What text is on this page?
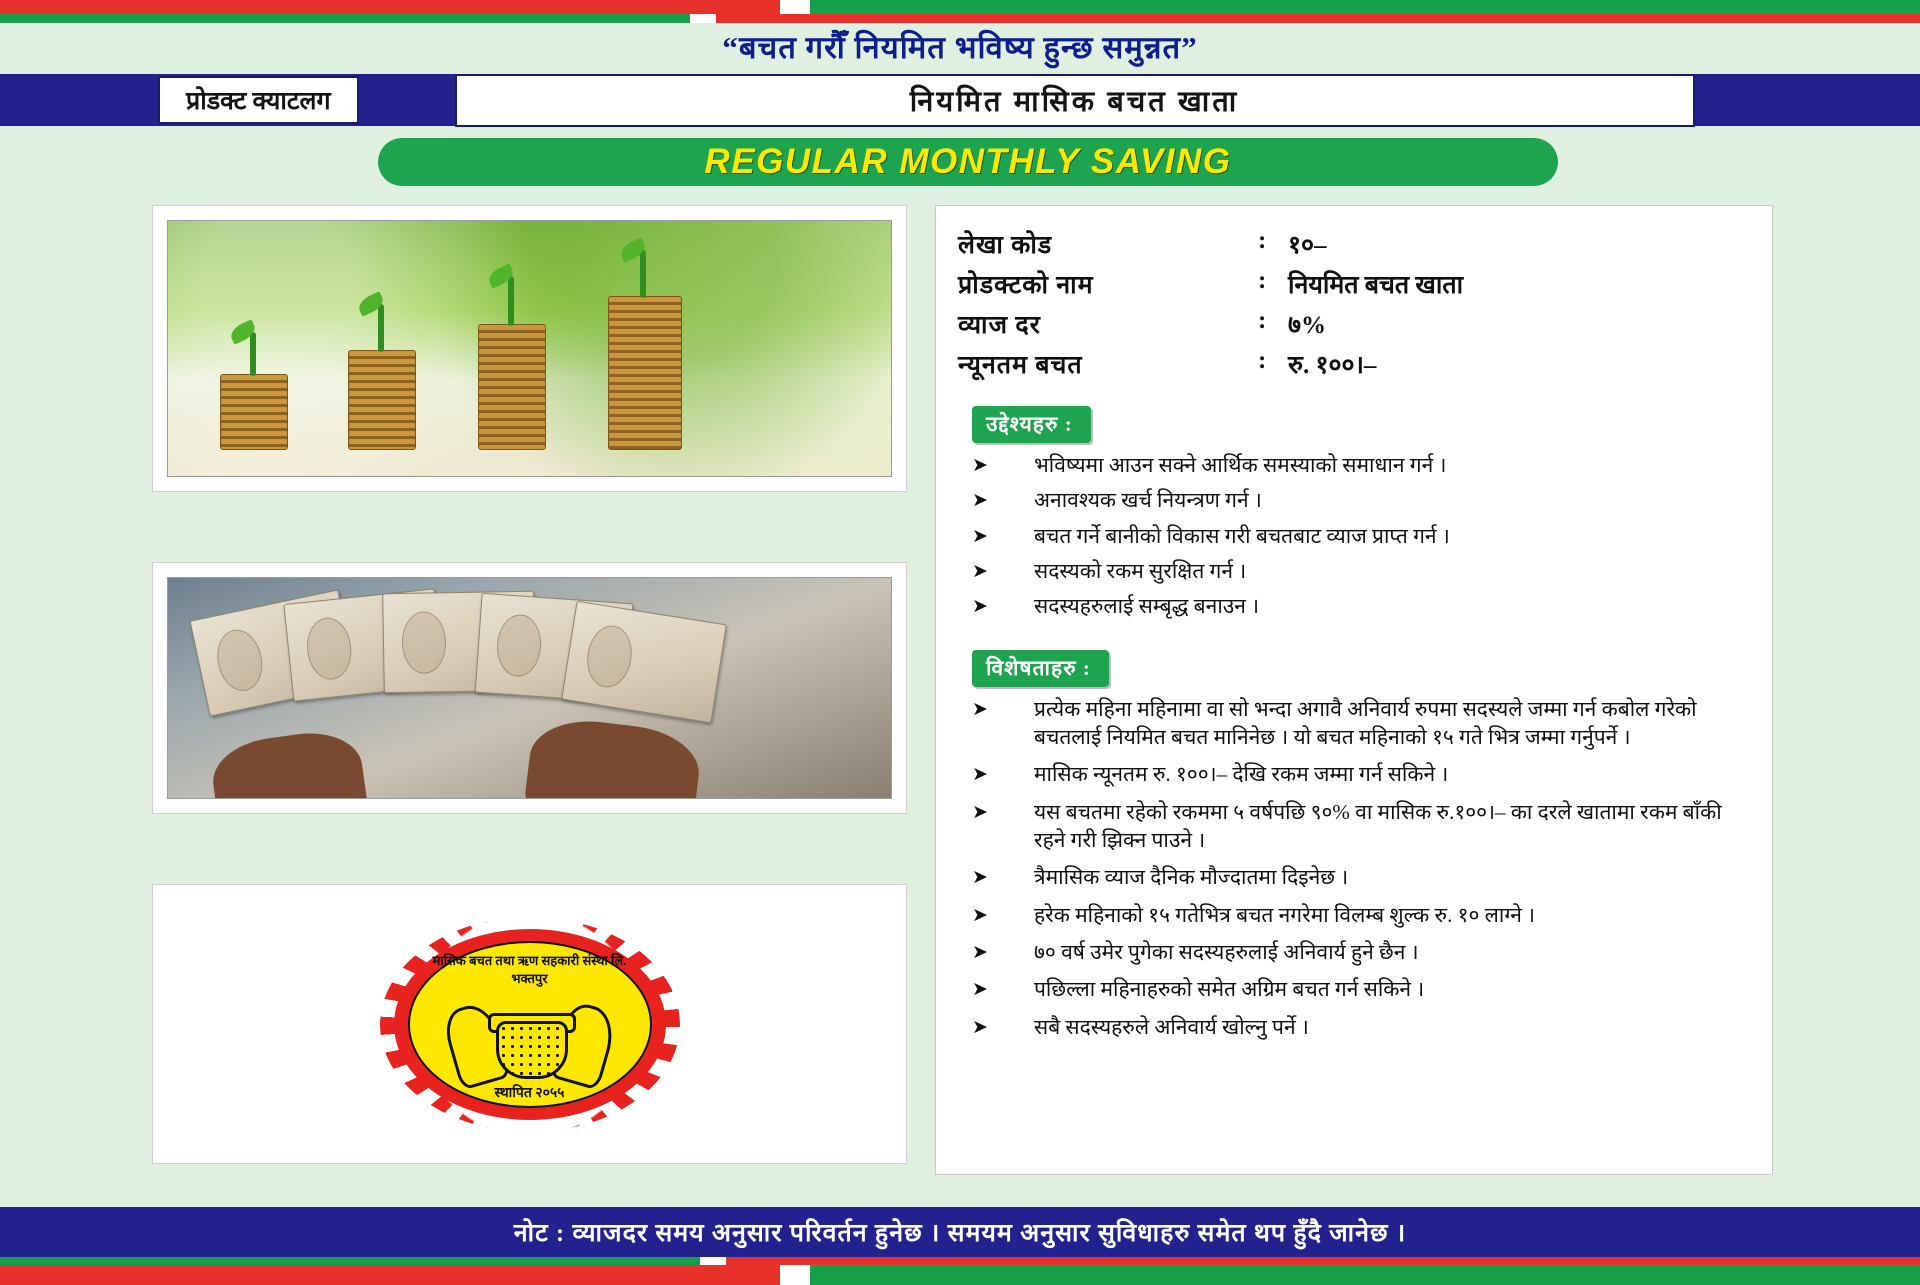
“बचत गरौँ नियमित भविष्य हुन्छ समुन्नत”
प्रोडक्ट क्याटलग	नियमित मासिक बचत खाता
REGULAR MONTHLY SAVING
मासिक बचत तथा ऋण सहकारी संस्था लि.
भक्तपुर
स्थापित २०५५
लेखा कोड	:	१०–
प्रोडक्टको नाम	:	नियमित बचत खाता
व्याज दर	:	७%
न्यूनतम बचत	:	रु. १००।–
उद्देश्यहरु :
➤	भविष्यमा आउन सक्ने आर्थिक समस्याको समाधान गर्न ।
➤	अनावश्यक खर्च नियन्त्रण गर्न ।
➤	बचत गर्ने बानीको विकास गरी बचतबाट व्याज प्राप्त गर्न ।
➤	सदस्यको रकम सुरक्षित गर्न ।
➤	सदस्यहरुलाई सम्बृद्ध बनाउन ।
विशेषताहरु :
➤	प्रत्येक महिना महिनामा वा सो भन्दा अगावै अनिवार्य रुपमा सदस्यले जम्मा गर्न कबोल गरेको बचतलाई नियमित बचत मानिनेछ । यो बचत महिनाको १५ गते भित्र जम्मा गर्नुपर्ने ।
➤	मासिक न्यूनतम रु. १००।– देखि रकम जम्मा गर्न सकिने ।
➤	यस बचतमा रहेको रकममा ५ वर्षपछि ९०% वा मासिक रु.१००।– का दरले खातामा रकम बाँकी रहने गरी झिक्न पाउने ।
➤	त्रैमासिक व्याज दैनिक मौज्दातमा दिइनेछ ।
➤	हरेक महिनाको १५ गतेभित्र बचत नगरेमा विलम्ब शुल्क रु. १० लाग्ने ।
➤	७० वर्ष उमेर पुगेका सदस्यहरुलाई अनिवार्य हुने छैन ।
➤	पछिल्ला महिनाहरुको समेत अग्रिम बचत गर्न सकिने ।
➤	सबै सदस्यहरुले अनिवार्य खोल्नु पर्ने ।
नोट : व्याजदर समय अनुसार परिवर्तन हुनेछ । समयम अनुसार सुविधाहरु समेत थप हुँदै जानेछ ।
